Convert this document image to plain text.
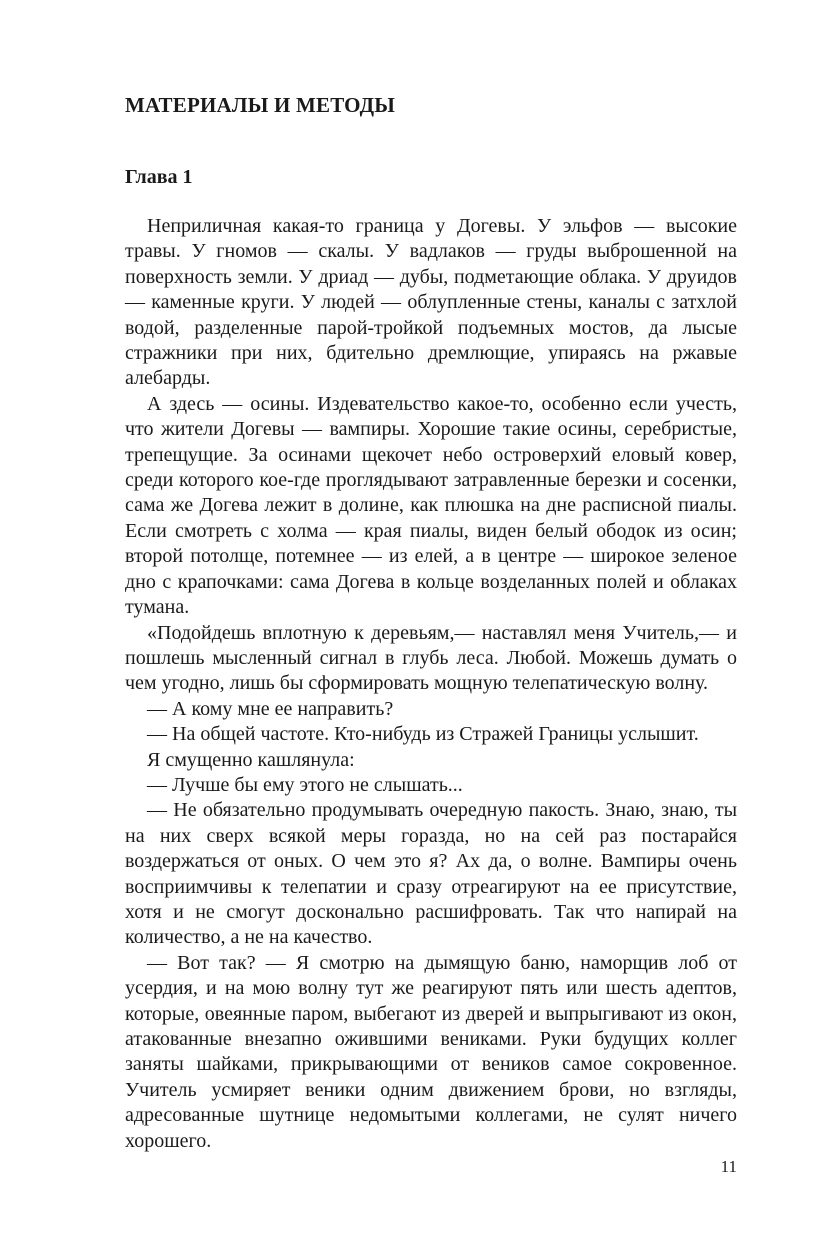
МАТЕРИАЛЫ И МЕТОДЫ
Глава 1

Неприличная какая-то граница у Догевы. У эльфов — высокие травы. У гномов — скалы. У вадлаков — груды выброшенной на поверхность земли. У дриад — дубы, подметающие облака. У друидов— каменные круги. У людей — облупленные стены, каналы с затхлой водой, разделенные парой-тройкой подъемных мостов, да лысые стражники при них, бдительно дремлющие, упираясь на ржавые алебарды.

А здесь — осины. Издевательство какое-то, особенно если учесть, что жители Догевы — вампиры. Хорошие такие осины, серебристые, трепещущие. За осинами щекочет небо островерхий еловый ковер, среди которого кое-где проглядывают затравленные березки и сосенки, сама же Догева лежит в долине, как плюшка на дне расписной пиалы. Если смотреть с холма — края пиалы, виден белый ободок из осин; второй потолще, потемнее — из елей, а в центре — широкое зеленое дно с крапочками: сама Догева в кольце возделанных полей и облаках тумана.

«Подойдешь вплотную к деревьям,— наставлял меня Учитель,— и пошлешь мысленный сигнал в глубь леса. Любой. Можешь думать о чем угодно, лишь бы сформировать мощную телепатическую волну.

— А кому мне ее направить?

— На общей частоте. Кто-нибудь из Стражей Границы услышит.

Я смущенно кашлянула:

— Лучше бы ему этого не слышать...

— Не обязательно продумывать очередную пакость. Знаю, знаю, ты на них сверх всякой меры горазда, но на сей раз постарайся воздержаться от оных. О чем это я? Ах да, о волне. Вампиры очень восприимчивы к телепатии и сразу отреагируют на ее присутствие, хотя и не смогут досконально расшифровать. Так что напирай на количество, а не на качество.

— Вот так? — Я смотрю на дымящую баню, наморщив лоб от усердия, и на мою волну тут же реагируют пять или шесть адептов, которые, овеянные паром, выбегают из дверей и выпрыгивают из окон, атакованные внезапно ожившими вениками. Руки будущих коллег заняты шайками, прикрывающими от веников самое сокровенное. Учитель усмиряет веники одним движением брови, но взгляды, адресованные шутнице недомытыми коллегами, не сулят ничего хорошего.

11
